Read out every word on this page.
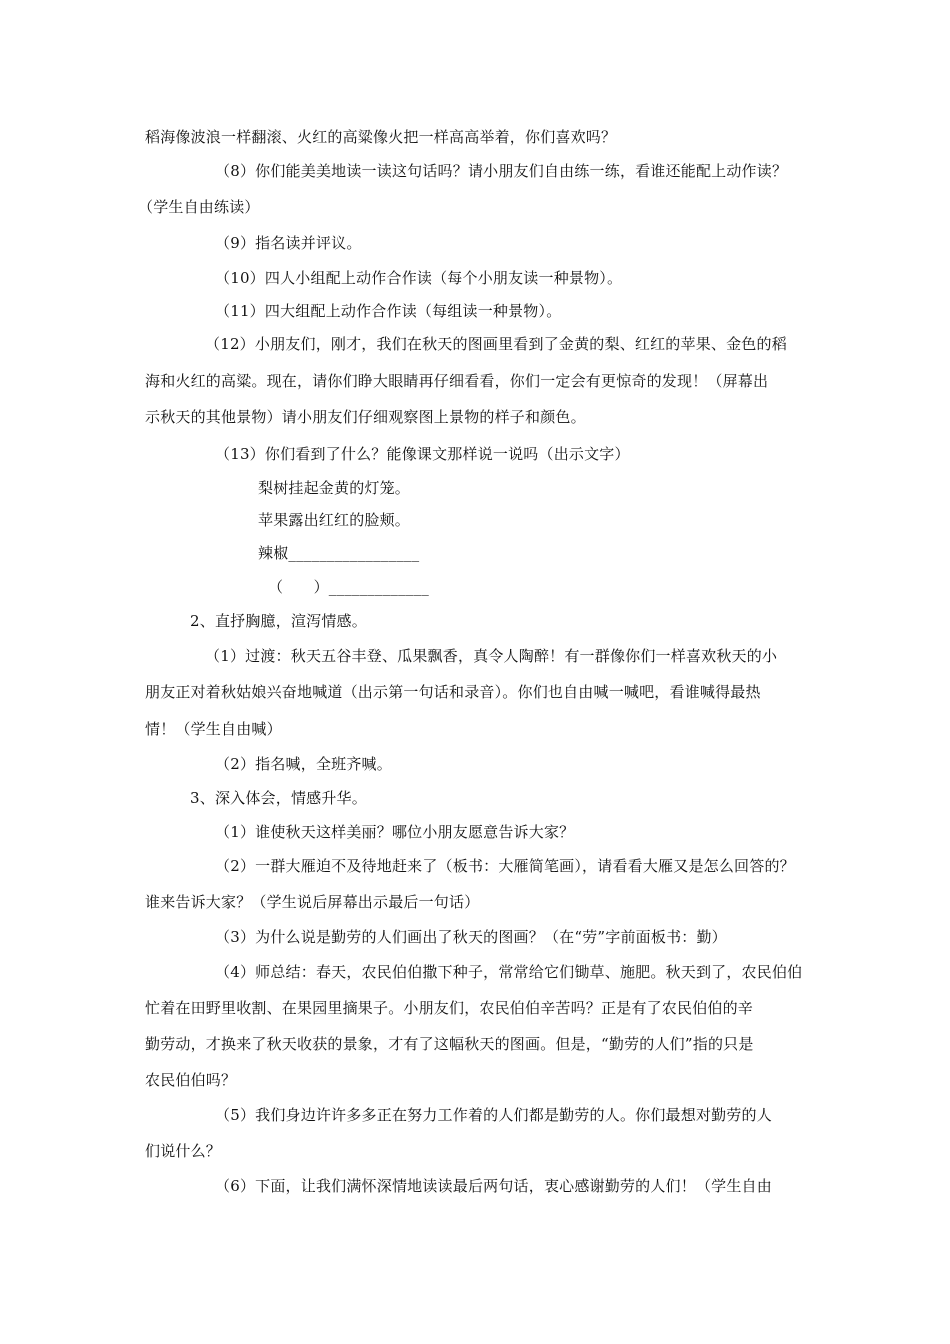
稻海像波浪一样翻滚、火红的高粱像火把一样高高举着，你们喜欢吗？
（8）你们能美美地读一读这句话吗？请小朋友们自由练一练，看谁还能配上动作读？
（学生自由练读）
（9）指名读并评议。
（10）四人小组配上动作合作读（每个小朋友读一种景物）。
（11）四大组配上动作合作读（每组读一种景物）。
（12）小朋友们，刚才，我们在秋天的图画里看到了金黄的梨、红红的苹果、金色的稻
海和火红的高粱。现在，请你们睁大眼睛再仔细看看，你们一定会有更惊奇的发现！（屏幕出
示秋天的其他景物）请小朋友们仔细观察图上景物的样子和颜色。
（13）你们看到了什么？能像课文那样说一说吗（出示文字）
梨树挂起金黄的灯笼。
苹果露出红红的脸颊。
辣椒_________________
（　　）_____________
2、直抒胸臆，渲泻情感。
（1）过渡：秋天五谷丰登、瓜果飘香，真令人陶醉！有一群像你们一样喜欢秋天的小
朋友正对着秋姑娘兴奋地喊道（出示第一句话和录音）。你们也自由喊一喊吧，看谁喊得最热
情！（学生自由喊）
（2）指名喊，全班齐喊。
3、深入体会，情感升华。
（1）谁使秋天这样美丽？哪位小朋友愿意告诉大家？
（2）一群大雁迫不及待地赶来了（板书：大雁简笔画），请看看大雁又是怎么回答的？
谁来告诉大家？（学生说后屏幕出示最后一句话）
（3）为什么说是勤劳的人们画出了秋天的图画？（在“劳”字前面板书：勤）
（4）师总结：春天，农民伯伯撒下种子，常常给它们锄草、施肥。秋天到了，农民伯伯
忙着在田野里收割、在果园里摘果子。小朋友们，农民伯伯辛苦吗？正是有了农民伯伯的辛
勤劳动，才换来了秋天收获的景象，才有了这幅秋天的图画。但是，“勤劳的人们”指的只是
农民伯伯吗？
（5）我们身边许许多多正在努力工作着的人们都是勤劳的人。你们最想对勤劳的人
们说什么？
（6）下面，让我们满怀深情地读读最后两句话，衷心感谢勤劳的人们！（学生自由
